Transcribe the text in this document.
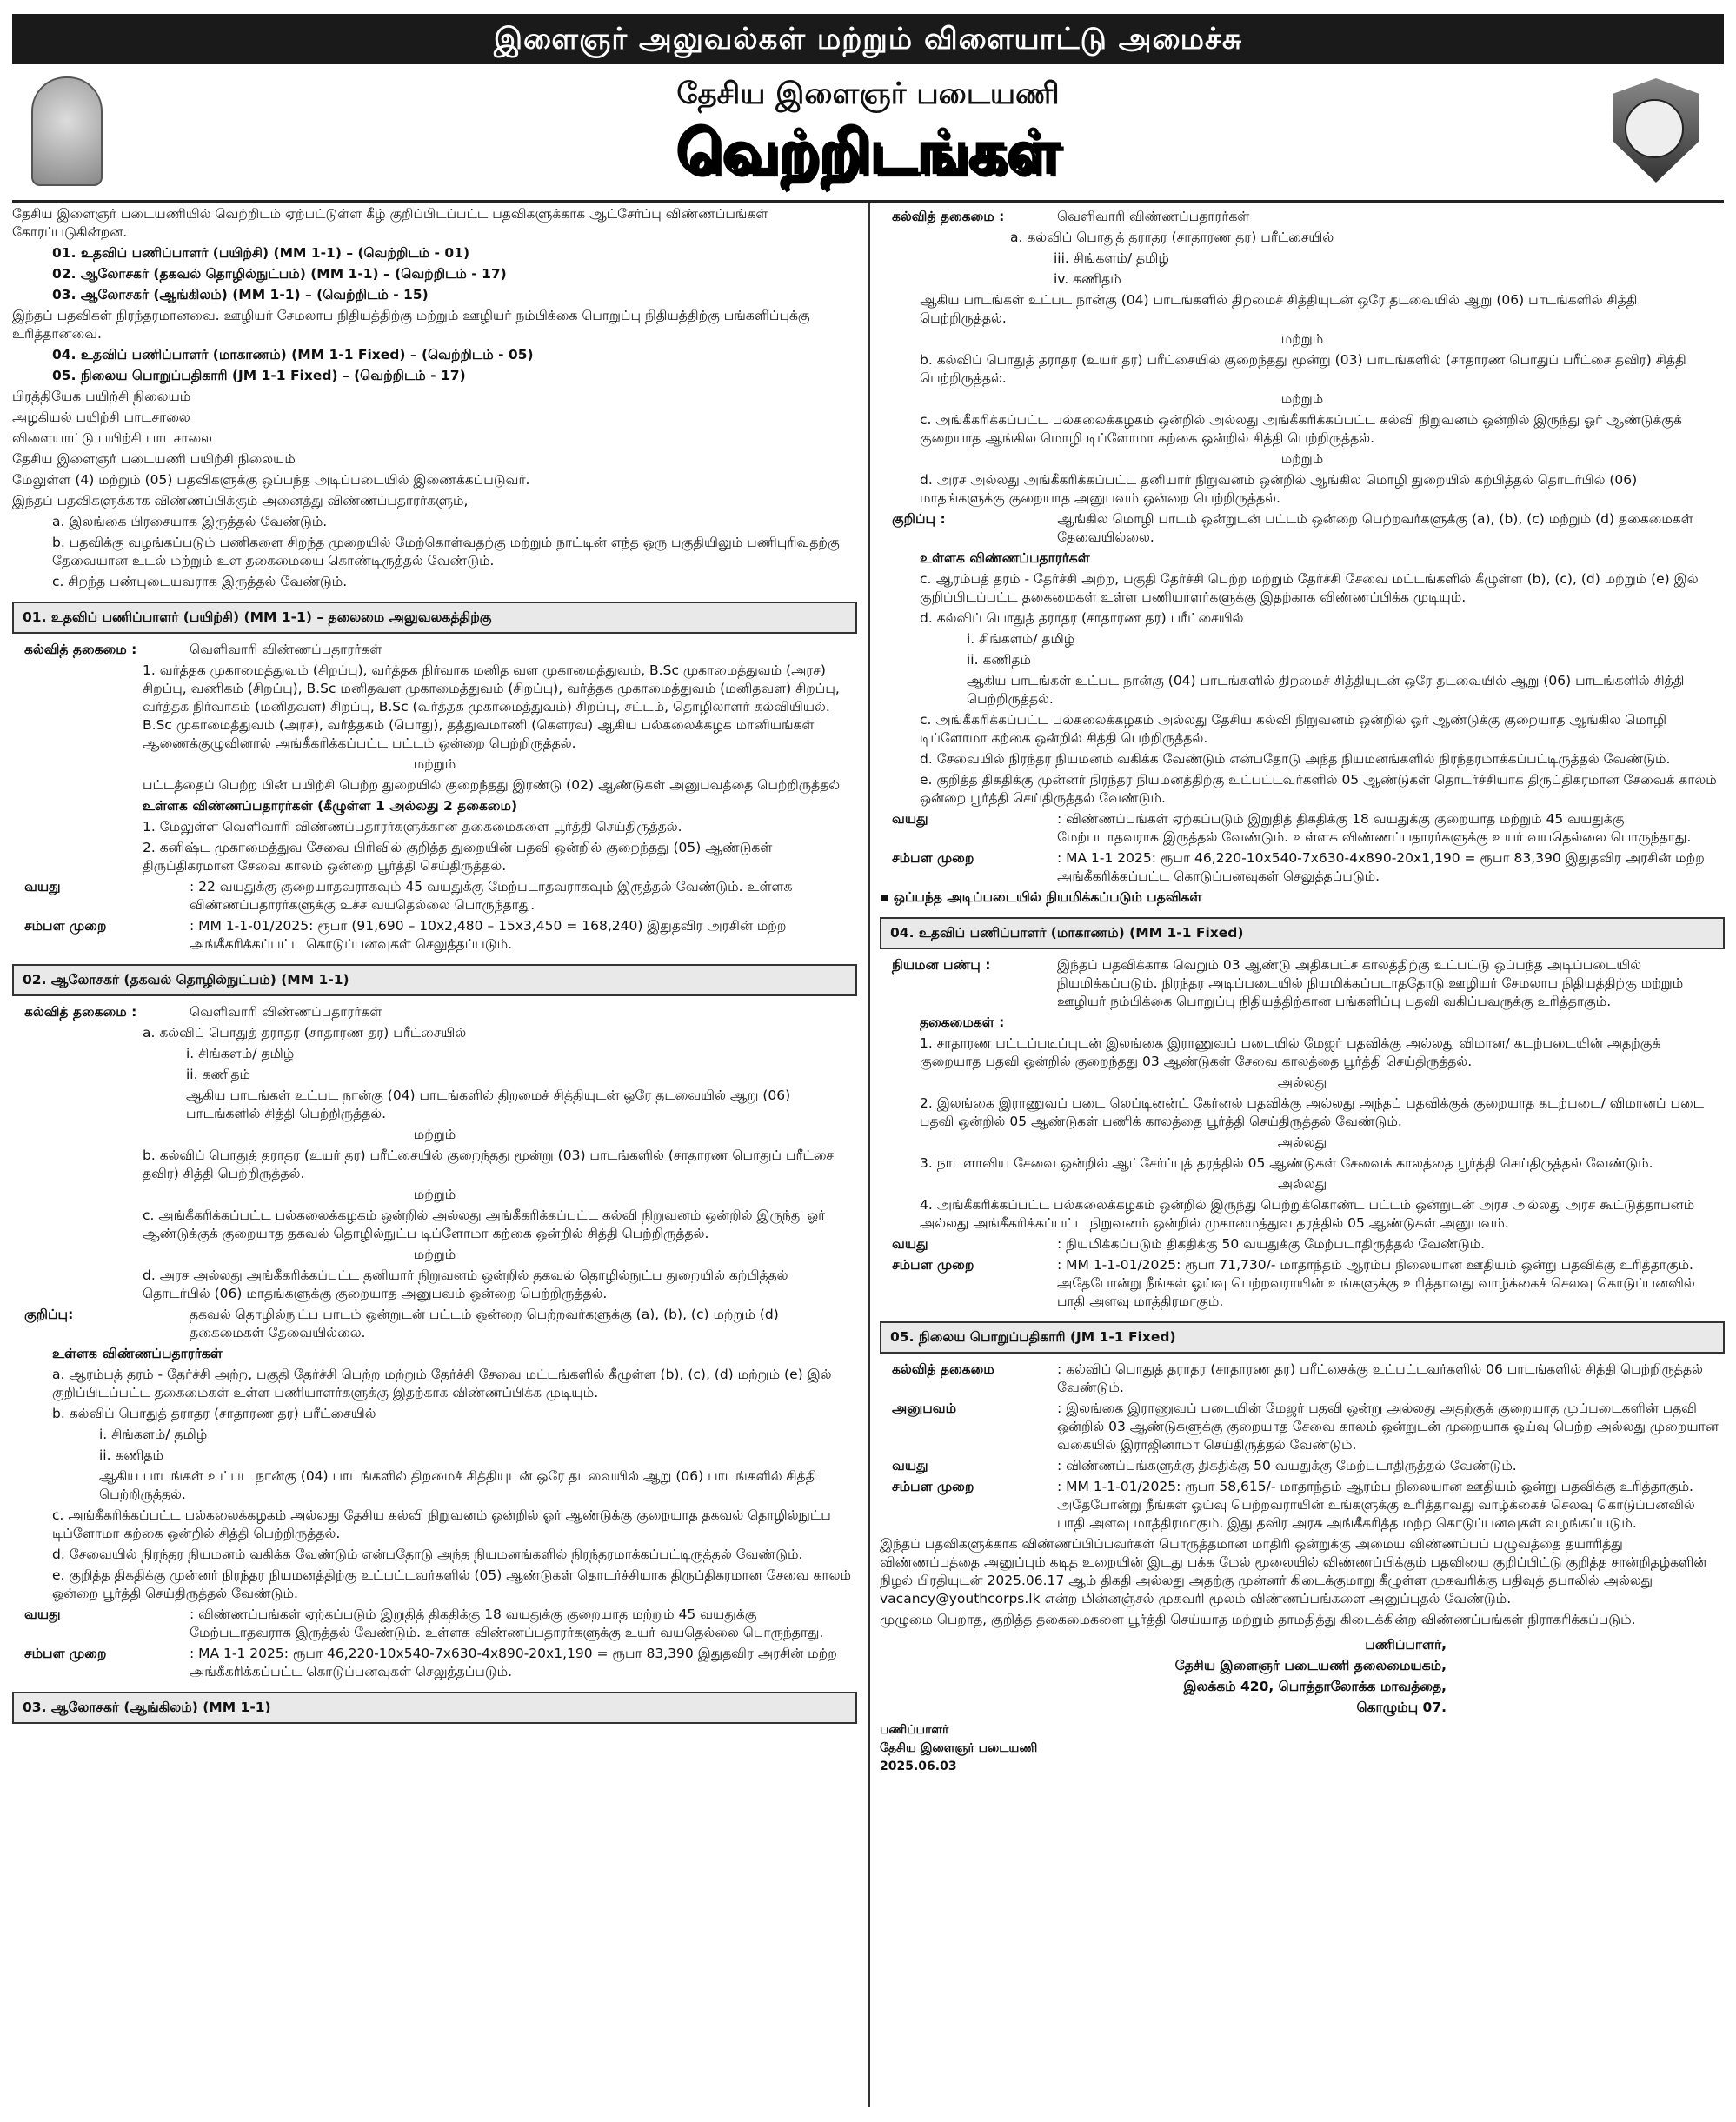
இளைஞர் அலுவல்கள் மற்றும் விளையாட்டு அமைச்சு
தேசிய இளைஞர் படையணி
வெற்றிடங்கள்

தேசிய இளைஞர் படையணியில் வெற்றிடம் ஏற்பட்டுள்ள கீழ் குறிப்பிடப்பட்ட பதவிகளுக்காக ஆட்சேர்ப்பு விண்ணப்பங்கள் கோரப்படுகின்றன.

01. உதவிப் பணிப்பாளர் (பயிற்சி) (MM 1-1) – (வெற்றிடம் - 01)

02. ஆலோசகர் (தகவல் தொழில்நுட்பம்) (MM 1-1) – (வெற்றிடம் - 17)

03. ஆலோசகர் (ஆங்கிலம்) (MM 1-1) – (வெற்றிடம் - 15)

இந்தப் பதவிகள் நிரந்தரமானவை. ஊழியர் சேமலாப நிதியத்திற்கு மற்றும் ஊழியர் நம்பிக்கை பொறுப்பு நிதியத்திற்கு பங்களிப்புக்கு உரித்தானவை.

04. உதவிப் பணிப்பாளர் (மாகாணம்) (MM 1-1 Fixed) – (வெற்றிடம் - 05)

05. நிலைய பொறுப்பதிகாரி (JM 1-1 Fixed) – (வெற்றிடம் - 17)

பிரத்தியேக பயிற்சி நிலையம்

அழகியல் பயிற்சி பாடசாலை

விளையாட்டு பயிற்சி பாடசாலை

தேசிய இளைஞர் படையணி பயிற்சி நிலையம்

மேலுள்ள (4) மற்றும் (05) பதவிகளுக்கு ஒப்பந்த அடிப்படையில் இணைக்கப்படுவர்.

இந்தப் பதவிகளுக்காக விண்ணப்பிக்கும் அனைத்து விண்ணப்பதாரர்களும்,

a. இலங்கை பிரசையாக இருத்தல் வேண்டும்.

b. பதவிக்கு வழங்கப்படும் பணிகளை சிறந்த முறையில் மேற்கொள்வதற்கு மற்றும் நாட்டின் எந்த ஒரு பகுதியிலும் பணிபுரிவதற்கு தேவையான உடல் மற்றும் உள தகைமையை கொண்டிருத்தல் வேண்டும்.

c. சிறந்த பண்புடையவராக இருத்தல் வேண்டும்.

01. உதவிப் பணிப்பாளர் (பயிற்சி) (MM 1-1) – தலைமை அலுவலகத்திற்கு
கல்வித் தகைமை :	வெளிவாரி விண்ணப்பதாரர்கள்

1. வர்த்தக முகாமைத்துவம் (சிறப்பு), வர்த்தக நிர்வாக மனித வள முகாமைத்துவம், B.Sc முகாமைத்துவம் (அரச) சிறப்பு, வணிகம் (சிறப்பு), B.Sc மனிதவள முகாமைத்துவம் (சிறப்பு), வர்த்தக முகாமைத்துவம் (மனிதவள) சிறப்பு, வர்த்தக நிர்வாகம் (மனிதவள) சிறப்பு, B.Sc (வர்த்தக முகாமைத்துவம்) சிறப்பு, சட்டம், தொழிலாளர் கல்வியியல். B.Sc முகாமைத்துவம் (அரச), வர்த்தகம் (பொது), தத்துவமாணி (கௌரவ) ஆகிய பல்கலைக்கழக மானியங்கள் ஆணைக்குழுவினால் அங்கீகரிக்கப்பட்ட பட்டம் ஒன்றை பெற்றிருத்தல்.

மற்றும்

பட்டத்தைப் பெற்ற பின் பயிற்சி பெற்ற துறையில் குறைந்தது இரண்டு (02) ஆண்டுகள் அனுபவத்தை பெற்றிருத்தல்

உள்ளக விண்ணப்பதாரர்கள் (கீழுள்ள 1 அல்லது 2 தகைமை)

1. மேலுள்ள வெளிவாரி விண்ணப்பதாரர்களுக்கான தகைமைகளை பூர்த்தி செய்திருத்தல்.

2. கனிஷ்ட முகாமைத்துவ சேவை பிரிவில் குறித்த துறையின் பதவி ஒன்றில் குறைந்தது (05) ஆண்டுகள் திருப்திகரமான சேவை காலம் ஒன்றை பூர்த்தி செய்திருத்தல்.

வயது	: 22 வயதுக்கு குறையாதவராகவும் 45 வயதுக்கு மேற்படாதவராகவும் இருத்தல் வேண்டும். உள்ளக விண்ணப்பதாரர்களுக்கு உச்ச வயதெல்லை பொருந்தாது.
சம்பள முறை	: MM 1-1-01/2025: ரூபா (91,690 – 10x2,480 – 15x3,450 = 168,240) இதுதவிர அரசின் மற்ற அங்கீகரிக்கப்பட்ட கொடுப்பனவுகள் செலுத்தப்படும்.
02. ஆலோசகர் (தகவல் தொழில்நுட்பம்) (MM 1-1)
கல்வித் தகைமை :	வெளிவாரி விண்ணப்பதாரர்கள்

a. கல்விப் பொதுத் தராதர (சாதாரண தர) பரீட்சையில்

i. சிங்களம்/ தமிழ்

ii. கணிதம்

ஆகிய பாடங்கள் உட்பட நான்கு (04) பாடங்களில் திறமைச் சித்தியுடன் ஒரே தடவையில் ஆறு (06) பாடங்களில் சித்தி பெற்றிருத்தல்.

மற்றும்

b. கல்விப் பொதுத் தராதர (உயர் தர) பரீட்சையில் குறைந்தது மூன்று (03) பாடங்களில் (சாதாரண பொதுப் பரீட்சை தவிர) சித்தி பெற்றிருத்தல்.

மற்றும்

c. அங்கீகரிக்கப்பட்ட பல்கலைக்கழகம் ஒன்றில் அல்லது அங்கீகரிக்கப்பட்ட கல்வி நிறுவனம் ஒன்றில் இருந்து ஓர் ஆண்டுக்குக் குறையாத தகவல் தொழில்நுட்ப டிப்ளோமா கற்கை ஒன்றில் சித்தி பெற்றிருத்தல்.

மற்றும்

d. அரச அல்லது அங்கீகரிக்கப்பட்ட தனியார் நிறுவனம் ஒன்றில் தகவல் தொழில்நுட்ப துறையில் கற்பித்தல் தொடர்பில் (06) மாதங்களுக்கு குறையாத அனுபவம் ஒன்றை பெற்றிருத்தல்.

குறிப்பு:	தகவல் தொழில்நுட்ப பாடம் ஒன்றுடன் பட்டம் ஒன்றை பெற்றவர்களுக்கு (a), (b), (c) மற்றும் (d) தகைமைகள் தேவையில்லை.

உள்ளக விண்ணப்பதாரர்கள்

a. ஆரம்பத் தரம் - தேர்ச்சி அற்ற, பகுதி தேர்ச்சி பெற்ற மற்றும் தேர்ச்சி சேவை மட்டங்களில் கீழுள்ள (b), (c), (d) மற்றும் (e) இல் குறிப்பிடப்பட்ட தகைமைகள் உள்ள பணியாளர்களுக்கு இதற்காக விண்ணப்பிக்க முடியும்.

b. கல்விப் பொதுத் தராதர (சாதாரண தர) பரீட்சையில்

i. சிங்களம்/ தமிழ்

ii. கணிதம்

ஆகிய பாடங்கள் உட்பட நான்கு (04) பாடங்களில் திறமைச் சித்தியுடன் ஒரே தடவையில் ஆறு (06) பாடங்களில் சித்தி பெற்றிருத்தல்.

c. அங்கீகரிக்கப்பட்ட பல்கலைக்கழகம் அல்லது தேசிய கல்வி நிறுவனம் ஒன்றில் ஓர் ஆண்டுக்கு குறையாத தகவல் தொழில்நுட்ப டிப்ளோமா கற்கை ஒன்றில் சித்தி பெற்றிருத்தல்.

d. சேவையில் நிரந்தர நியமனம் வகிக்க வேண்டும் என்பதோடு அந்த நியமனங்களில் நிரந்தரமாக்கப்பட்டிருத்தல் வேண்டும்.

e. குறித்த திகதிக்கு முன்னர் நிரந்தர நியமனத்திற்கு உட்பட்டவர்களில் (05) ஆண்டுகள் தொடர்ச்சியாக திருப்திகரமான சேவை காலம் ஒன்றை பூர்த்தி செய்திருத்தல் வேண்டும்.

வயது	: விண்ணப்பங்கள் ஏற்கப்படும் இறுதித் திகதிக்கு 18 வயதுக்கு குறையாத மற்றும் 45 வயதுக்கு மேற்படாதவராக இருத்தல் வேண்டும். உள்ளக விண்ணப்பதாரர்களுக்கு உயர் வயதெல்லை பொருந்தாது.
சம்பள முறை	: MA 1-1 2025: ரூபா 46,220-10x540-7x630-4x890-20x1,190 = ரூபா 83,390 இதுதவிர அரசின் மற்ற அங்கீகரிக்கப்பட்ட கொடுப்பனவுகள் செலுத்தப்படும்.
03. ஆலோசகர் (ஆங்கிலம்) (MM 1-1)
கல்வித் தகைமை :	வெளிவாரி விண்ணப்பதாரர்கள்

a. கல்விப் பொதுத் தராதர (சாதாரண தர) பரீட்சையில்

iii. சிங்களம்/ தமிழ்

iv. கணிதம்

ஆகிய பாடங்கள் உட்பட நான்கு (04) பாடங்களில் திறமைச் சித்தியுடன் ஒரே தடவையில் ஆறு (06) பாடங்களில் சித்தி பெற்றிருத்தல்.

மற்றும்

b. கல்விப் பொதுத் தராதர (உயர் தர) பரீட்சையில் குறைந்தது மூன்று (03) பாடங்களில் (சாதாரண பொதுப் பரீட்சை தவிர) சித்தி பெற்றிருத்தல்.

மற்றும்

c. அங்கீகரிக்கப்பட்ட பல்கலைக்கழகம் ஒன்றில் அல்லது அங்கீகரிக்கப்பட்ட கல்வி நிறுவனம் ஒன்றில் இருந்து ஓர் ஆண்டுக்குக் குறையாத ஆங்கில மொழி டிப்ளோமா கற்கை ஒன்றில் சித்தி பெற்றிருத்தல்.

மற்றும்

d. அரச அல்லது அங்கீகரிக்கப்பட்ட தனியார் நிறுவனம் ஒன்றில் ஆங்கில மொழி துறையில் கற்பித்தல் தொடர்பில் (06) மாதங்களுக்கு குறையாத அனுபவம் ஒன்றை பெற்றிருத்தல்.

குறிப்பு :	ஆங்கில மொழி பாடம் ஒன்றுடன் பட்டம் ஒன்றை பெற்றவர்களுக்கு (a), (b), (c) மற்றும் (d) தகைமைகள் தேவையில்லை.

உள்ளக விண்ணப்பதாரர்கள்

c. ஆரம்பத் தரம் - தேர்ச்சி அற்ற, பகுதி தேர்ச்சி பெற்ற மற்றும் தேர்ச்சி சேவை மட்டங்களில் கீழுள்ள (b), (c), (d) மற்றும் (e) இல் குறிப்பிடப்பட்ட தகைமைகள் உள்ள பணியாளர்களுக்கு இதற்காக விண்ணப்பிக்க முடியும்.

d. கல்விப் பொதுத் தராதர (சாதாரண தர) பரீட்சையில்

i. சிங்களம்/ தமிழ்

ii. கணிதம்

ஆகிய பாடங்கள் உட்பட நான்கு (04) பாடங்களில் திறமைச் சித்தியுடன் ஒரே தடவையில் ஆறு (06) பாடங்களில் சித்தி பெற்றிருத்தல்.

c. அங்கீகரிக்கப்பட்ட பல்கலைக்கழகம் அல்லது தேசிய கல்வி நிறுவனம் ஒன்றில் ஓர் ஆண்டுக்கு குறையாத ஆங்கில மொழி டிப்ளோமா கற்கை ஒன்றில் சித்தி பெற்றிருத்தல்.

d. சேவையில் நிரந்தர நியமனம் வகிக்க வேண்டும் என்பதோடு அந்த நியமனங்களில் நிரந்தரமாக்கப்பட்டிருத்தல் வேண்டும்.

e. குறித்த திகதிக்கு முன்னர் நிரந்தர நியமனத்திற்கு உட்பட்டவர்களில் 05 ஆண்டுகள் தொடர்ச்சியாக திருப்திகரமான சேவைக் காலம் ஒன்றை பூர்த்தி செய்திருத்தல் வேண்டும்.

வயது	: விண்ணப்பங்கள் ஏற்கப்படும் இறுதித் திகதிக்கு 18 வயதுக்கு குறையாத மற்றும் 45 வயதுக்கு மேற்படாதவராக இருத்தல் வேண்டும். உள்ளக விண்ணப்பதாரர்களுக்கு உயர் வயதெல்லை பொருந்தாது.
சம்பள முறை	: MA 1-1 2025: ரூபா 46,220-10x540-7x630-4x890-20x1,190 = ரூபா 83,390 இதுதவிர அரசின் மற்ற அங்கீகரிக்கப்பட்ட கொடுப்பனவுகள் செலுத்தப்படும்.

▪ ஒப்பந்த அடிப்படையில் நியமிக்கப்படும் பதவிகள்

04. உதவிப் பணிப்பாளர் (மாகாணம்) (MM 1-1 Fixed)
நியமன பண்பு :	இந்தப் பதவிக்காக வெறும் 03 ஆண்டு அதிகபட்ச காலத்திற்கு உட்பட்டு ஒப்பந்த அடிப்படையில் நியமிக்கப்படும். நிரந்தர அடிப்படையில் நியமிக்கப்படாததோடு ஊழியர் சேமலாப நிதியத்திற்கு மற்றும் ஊழியர் நம்பிக்கை பொறுப்பு நிதியத்திற்கான பங்களிப்பு பதவி வகிப்பவருக்கு உரித்தாகும்.

தகைமைகள் :

1. சாதாரண பட்டப்படிப்புடன் இலங்கை இராணுவப் படையில் மேஜர் பதவிக்கு அல்லது விமான/ கடற்படையின் அதற்குக் குறையாத பதவி ஒன்றில் குறைந்தது 03 ஆண்டுகள் சேவை காலத்தை பூர்த்தி செய்திருத்தல்.

அல்லது

2. இலங்கை இராணுவப் படை லெப்டினன்ட் கேர்னல் பதவிக்கு அல்லது அந்தப் பதவிக்குக் குறையாத கடற்படை/ விமானப் படை பதவி ஒன்றில் 05 ஆண்டுகள் பணிக் காலத்தை பூர்த்தி செய்திருத்தல் வேண்டும்.

அல்லது

3. நாடளாவிய சேவை ஒன்றில் ஆட்சேர்ப்புத் தரத்தில் 05 ஆண்டுகள் சேவைக் காலத்தை பூர்த்தி செய்திருத்தல் வேண்டும்.

அல்லது

4. அங்கீகரிக்கப்பட்ட பல்கலைக்கழகம் ஒன்றில் இருந்து பெற்றுக்கொண்ட பட்டம் ஒன்றுடன் அரச அல்லது அரச கூட்டுத்தாபனம் அல்லது அங்கீகரிக்கப்பட்ட நிறுவனம் ஒன்றில் முகாமைத்துவ தரத்தில் 05 ஆண்டுகள் அனுபவம்.

வயது	: நியமிக்கப்படும் திகதிக்கு 50 வயதுக்கு மேற்படாதிருத்தல் வேண்டும்.
சம்பள முறை	: MM 1-1-01/2025: ரூபா 71,730/- மாதாந்தம் ஆரம்ப நிலையான ஊதியம் ஒன்று பதவிக்கு உரித்தாகும். அதேபோன்று நீங்கள் ஓய்வு பெற்றவராயின் உங்களுக்கு உரித்தாவது வாழ்க்கைச் செலவு கொடுப்பனவில் பாதி அளவு மாத்திரமாகும்.
05. நிலைய பொறுப்பதிகாரி (JM 1-1 Fixed)
கல்வித் தகைமை	: கல்விப் பொதுத் தராதர (சாதாரண தர) பரீட்சைக்கு உட்பட்டவர்களில் 06 பாடங்களில் சித்தி பெற்றிருத்தல் வேண்டும்.
அனுபவம்	: இலங்கை இராணுவப் படையின் மேஜர் பதவி ஒன்று அல்லது அதற்குக் குறையாத முப்படைகளின் பதவி ஒன்றில் 03 ஆண்டுகளுக்கு குறையாத சேவை காலம் ஒன்றுடன் முறையாக ஓய்வு பெற்ற அல்லது முறையான வகையில் இராஜினாமா செய்திருத்தல் வேண்டும்.
வயது	: விண்ணப்பங்களுக்கு திகதிக்கு 50 வயதுக்கு மேற்படாதிருத்தல் வேண்டும்.
சம்பள முறை	: MM 1-1-01/2025: ரூபா 58,615/- மாதாந்தம் ஆரம்ப நிலையான ஊதியம் ஒன்று பதவிக்கு உரித்தாகும். அதேபோன்று நீங்கள் ஓய்வு பெற்றவராயின் உங்களுக்கு உரித்தாவது வாழ்க்கைச் செலவு கொடுப்பனவில் பாதி அளவு மாத்திரமாகும். இது தவிர அரசு அங்கீகரித்த மற்ற கொடுப்பனவுகள் வழங்கப்படும்.

இந்தப் பதவிகளுக்காக விண்ணப்பிப்பவர்கள் பொருத்தமான மாதிரி ஒன்றுக்கு அமைய விண்ணப்பப் பழுவத்தை தயாரித்து விண்ணப்பத்தை அனுப்பும் கடித உறையின் இடது பக்க மேல் மூலையில் விண்ணப்பிக்கும் பதவியை குறிப்பிட்டு குறித்த சான்றிதழ்களின் நிழல் பிரதியுடன் 2025.06.17 ஆம் திகதி அல்லது அதற்கு முன்னர் கிடைக்குமாறு கீழுள்ள முகவரிக்கு பதிவுத் தபாலில் அல்லது vacancy@youthcorps.lk என்ற மின்னஞ்சல் முகவரி மூலம் விண்ணப்பங்களை அனுப்புதல் வேண்டும்.

முழுமை பெறாத, குறித்த தகைமைகளை பூர்த்தி செய்யாத மற்றும் தாமதித்து கிடைக்கின்ற விண்ணப்பங்கள் நிராகரிக்கப்படும்.

பணிப்பாளர்,

தேசிய இளைஞர் படையணி தலைமையகம்,

இலக்கம் 420, பொத்தாலோக்க மாவத்தை,

கொழும்பு 07.

பணிப்பாளர்

தேசிய இளைஞர் படையணி

2025.06.03
